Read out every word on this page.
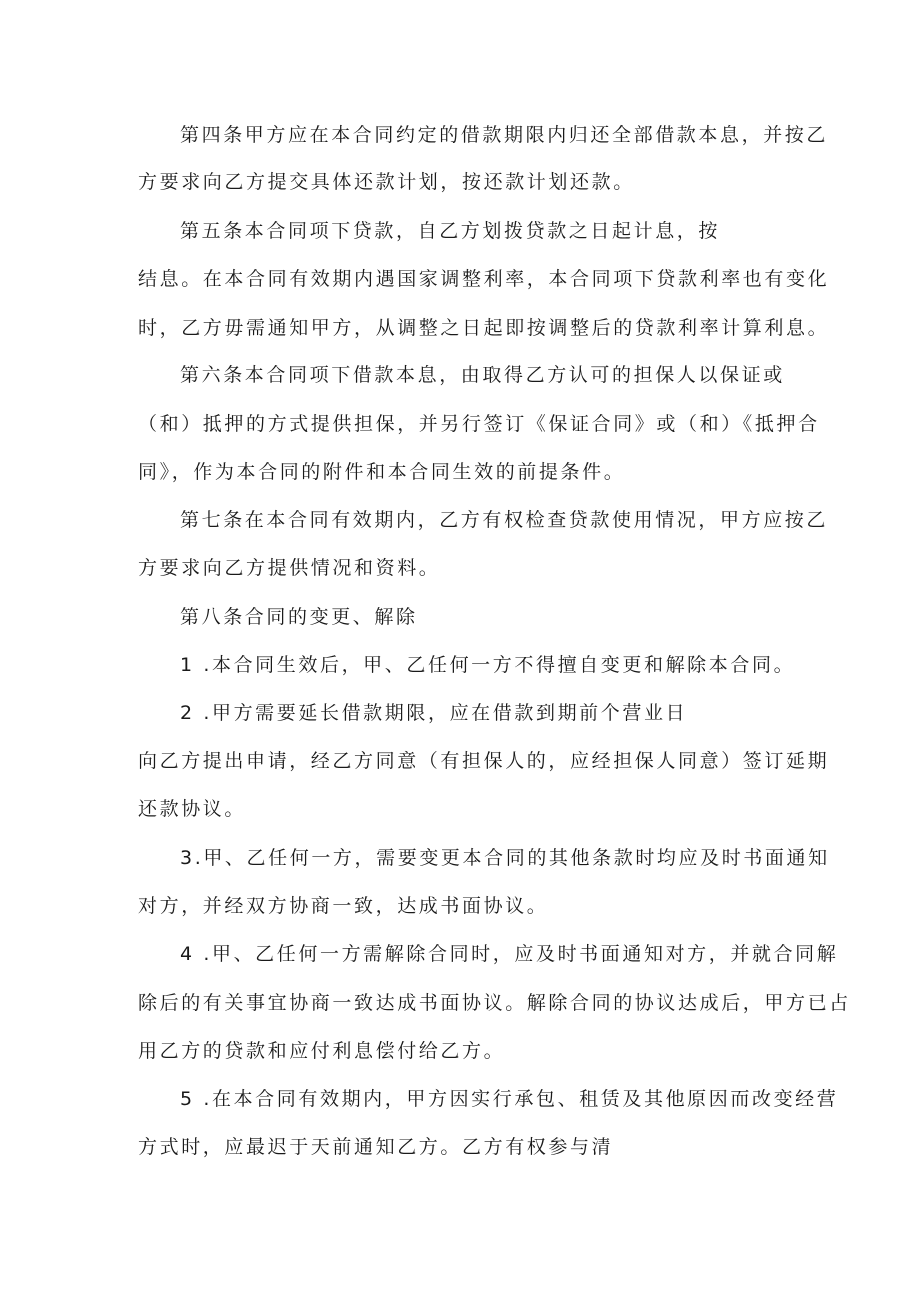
第四条甲方应在本合同约定的借款期限内归还全部借款本息，并按乙
方要求向乙方提交具体还款计划，按还款计划还款。
第五条本合同项下贷款，自乙方划拨贷款之日起计息，按
结息。在本合同有效期内遇国家调整利率，本合同项下贷款利率也有变化
时，乙方毋需通知甲方，从调整之日起即按调整后的贷款利率计算利息。
第六条本合同项下借款本息，由取得乙方认可的担保人以保证或
（和）抵押的方式提供担保，并另行签订《保证合同》或（和）《抵押合
同》，作为本合同的附件和本合同生效的前提条件。
第七条在本合同有效期内，乙方有权检查贷款使用情况，甲方应按乙
方要求向乙方提供情况和资料。
第八条合同的变更、解除
1 .本合同生效后，甲、乙任何一方不得擅自变更和解除本合同。
2 .甲方需要延长借款期限，应在借款到期前个营业日
向乙方提出申请，经乙方同意（有担保人的，应经担保人同意）签订延期
还款协议。
3.甲、乙任何一方，需要变更本合同的其他条款时均应及时书面通知
对方，并经双方协商一致，达成书面协议。
4 .甲、乙任何一方需解除合同时，应及时书面通知对方，并就合同解
除后的有关事宜协商一致达成书面协议。解除合同的协议达成后，甲方已占
用乙方的贷款和应付利息偿付给乙方。
5 .在本合同有效期内，甲方因实行承包、租赁及其他原因而改变经营
方式时，应最迟于天前通知乙方。乙方有权参与清
